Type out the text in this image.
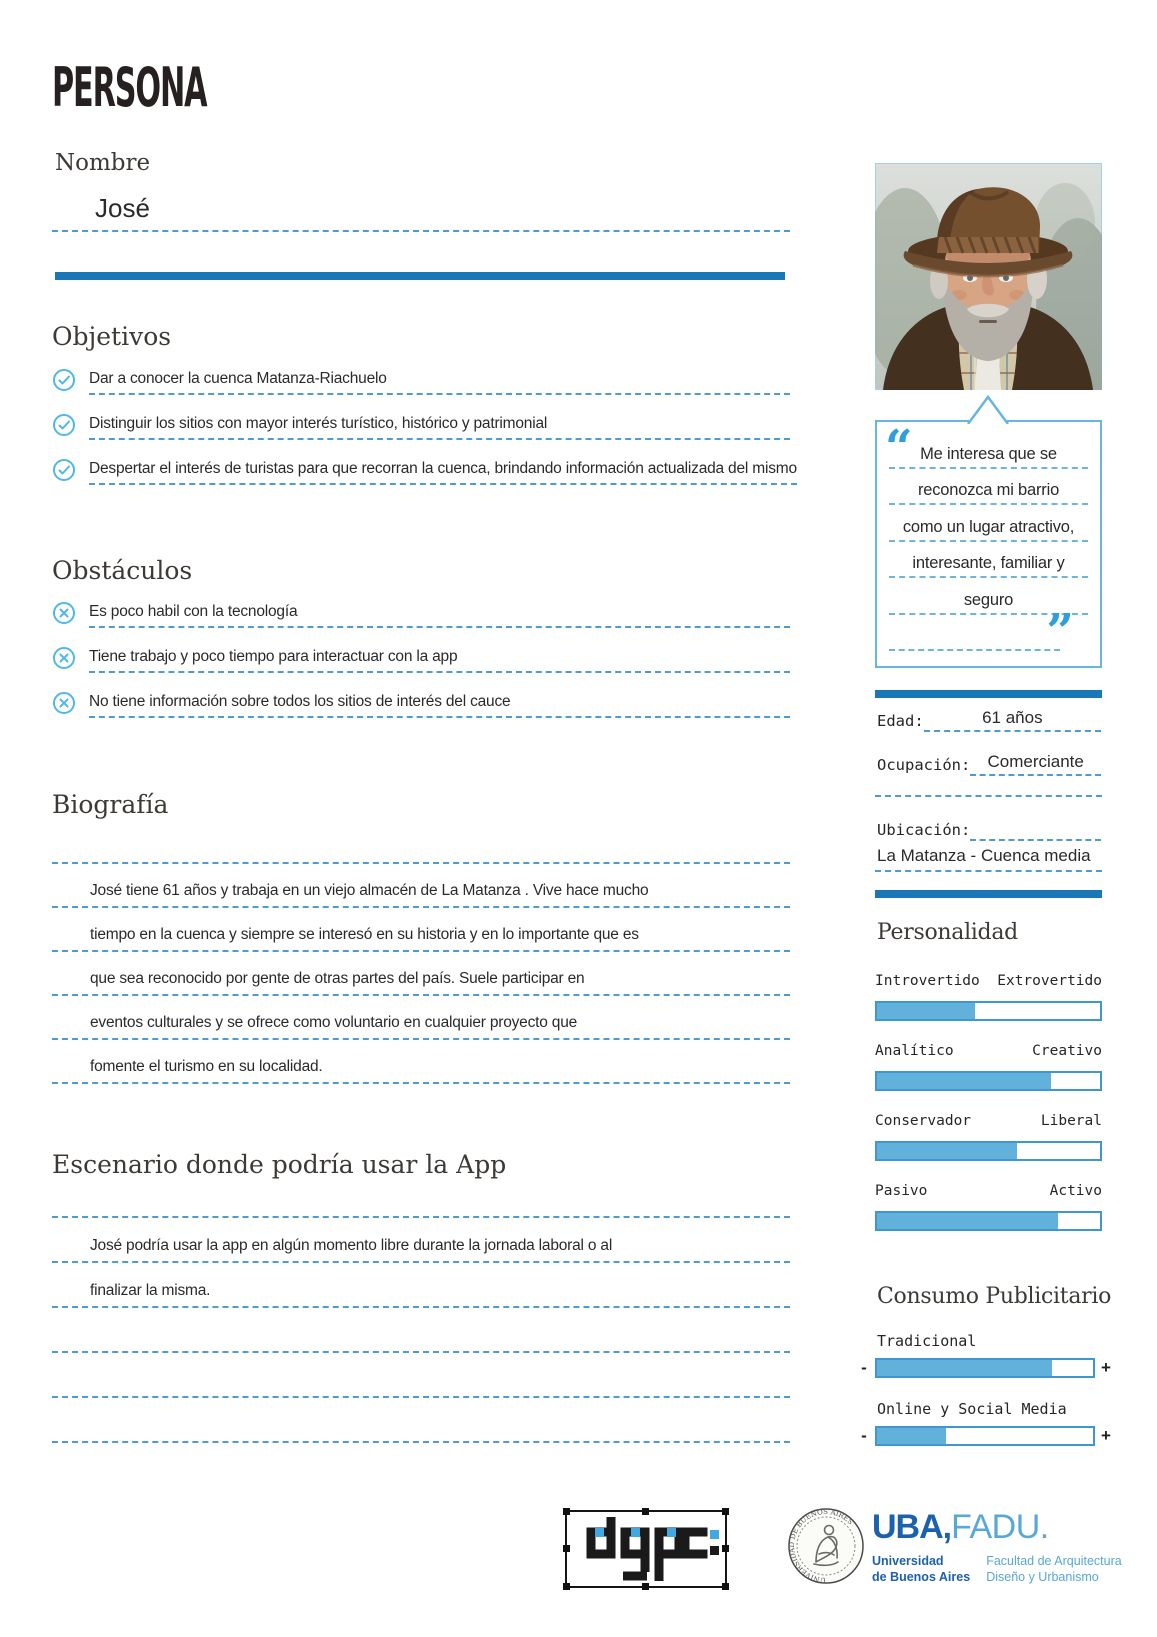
PERSONA
Nombre
José
Objetivos
Dar a conocer la cuenca Matanza-Riachuelo
Distinguir los sitios con mayor interés turístico, histórico y patrimonial
Despertar el interés de turistas para que recorran la cuenca, brindando información actualizada del mismo
Obstáculos
Es poco habil con la tecnología
Tiene trabajo y poco tiempo para interactuar con la app
No tiene información sobre todos los sitios de interés del cauce
Biografía
José tiene 61 años y trabaja en un viejo almacén de La Matanza . Vive hace mucho
tiempo en la cuenca y siempre se interesó en su historia y en lo importante que es
que sea reconocido por gente de otras partes del país. Suele participar en
eventos culturales y se ofrece como voluntario en cualquier proyecto que
fomente el turismo en su localidad.
Escenario donde podría usar la App
José podría usar la app en algún momento libre durante la jornada laboral o al
finalizar la misma.
“ Me interesa que se
reconozca mi barrio
como un lugar atractivo,
interesante, familiar y
seguro
”
Edad:	61 años
Ocupación:	Comerciante
Ubicación:
La Matanza - Cuenca media
Personalidad
Introvertido Extrovertido
Analítico	Creativo
Conservador	Liberal
Pasivo	Activo
Consumo Publicitario
Tradicional
-	+
Online y Social Media
-	+
UNIVERSIDAD DE BUENOS AIRES UBA,FADU.
Universidad
de Buenos Aires
Facultad de Arquitectura
Diseño y Urbanismo
